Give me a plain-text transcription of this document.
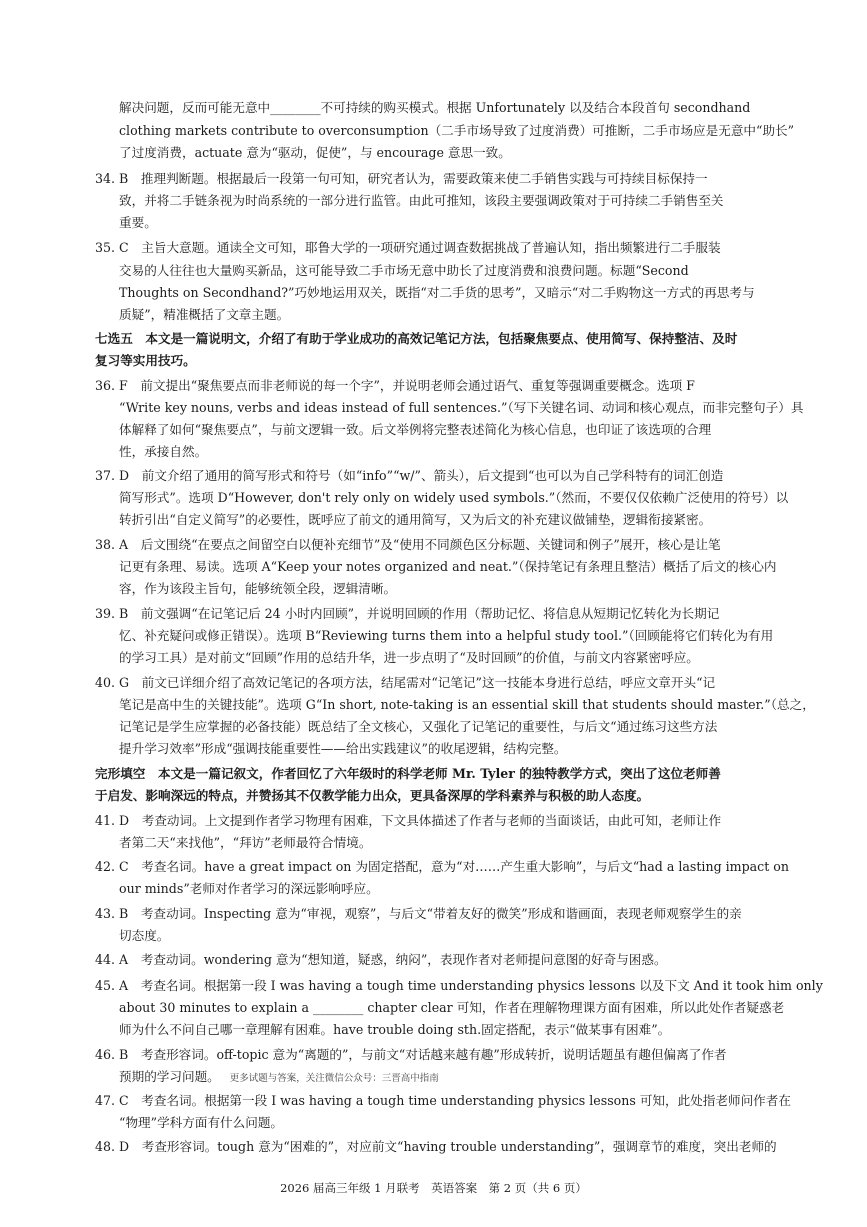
解决问题，反而可能无意中________不可持续的购买模式。根据 Unfortunately 以及结合本段首句 secondhand
clothing markets contribute to overconsumption（二手市场导致了过度消费）可推断，二手市场应是无意中“助长”
了过度消费，actuate 意为“驱动，促使”，与 encourage 意思一致。
34. B　推理判断题。根据最后一段第一句可知，研究者认为，需要政策来使二手销售实践与可持续目标保持一
致，并将二手链条视为时尚系统的一部分进行监管。由此可推知，该段主要强调政策对于可持续二手销售至关
重要。
35. C　主旨大意题。通读全文可知，耶鲁大学的一项研究通过调查数据挑战了普遍认知，指出频繁进行二手服装
交易的人往往也大量购买新品，这可能导致二手市场无意中助长了过度消费和浪费问题。标题“Second
Thoughts on Secondhand?”巧妙地运用双关，既指“对二手货的思考”，又暗示“对二手购物这一方式的再思考与
质疑”，精准概括了文章主题。
七选五　本文是一篇说明文，介绍了有助于学业成功的高效记笔记方法，包括聚焦要点、使用简写、保持整洁、及时
复习等实用技巧。
36. F　前文提出“聚焦要点而非老师说的每一个字”，并说明老师会通过语气、重复等强调重要概念。选项 F
“Write key nouns, verbs and ideas instead of full sentences.”（写下关键名词、动词和核心观点，而非完整句子）具
体解释了如何“聚焦要点”，与前文逻辑一致。后文举例将完整表述简化为核心信息，也印证了该选项的合理
性，承接自然。
37. D　前文介绍了通用的简写形式和符号（如“info”“w/”、箭头），后文提到“也可以为自己学科特有的词汇创造
简写形式”。选项 D“However, don't rely only on widely used symbols.”（然而，不要仅仅依赖广泛使用的符号）以
转折引出“自定义简写”的必要性，既呼应了前文的通用简写，又为后文的补充建议做铺垫，逻辑衔接紧密。
38. A　后文围绕“在要点之间留空白以便补充细节”及“使用不同颜色区分标题、关键词和例子”展开，核心是让笔
记更有条理、易读。选项 A“Keep your notes organized and neat.”（保持笔记有条理且整洁）概括了后文的核心内
容，作为该段主旨句，能够统领全段，逻辑清晰。
39. B　前文强调“在记笔记后 24 小时内回顾”，并说明回顾的作用（帮助记忆、将信息从短期记忆转化为长期记
忆、补充疑问或修正错误）。选项 B“Reviewing turns them into a helpful study tool.”（回顾能将它们转化为有用
的学习工具）是对前文“回顾”作用的总结升华，进一步点明了“及时回顾”的价值，与前文内容紧密呼应。
40. G　前文已详细介绍了高效记笔记的各项方法，结尾需对“记笔记”这一技能本身进行总结，呼应文章开头“记
笔记是高中生的关键技能”。选项 G“In short, note-taking is an essential skill that students should master.”（总之，
记笔记是学生应掌握的必备技能）既总结了全文核心，又强化了记笔记的重要性，与后文“通过练习这些方法
提升学习效率”形成“强调技能重要性——给出实践建议”的收尾逻辑，结构完整。
完形填空　本文是一篇记叙文，作者回忆了六年级时的科学老师 Mr. Tyler 的独特教学方式，突出了这位老师善
于启发、影响深远的特点，并赞扬其不仅教学能力出众，更具备深厚的学科素养与积极的助人态度。
41. D　考查动词。上文提到作者学习物理有困难，下文具体描述了作者与老师的当面谈话，由此可知，老师让作
者第二天“来找他”，“拜访”老师最符合情境。
42. C　考查名词。have a great impact on 为固定搭配，意为“对……产生重大影响”，与后文“had a lasting impact on
our minds”老师对作者学习的深远影响呼应。
43. B　考查动词。Inspecting 意为“审视，观察”，与后文“带着友好的微笑”形成和谐画面，表现老师观察学生的亲
切态度。
44. A　考查动词。wondering 意为“想知道，疑惑，纳闷”，表现作者对老师提问意图的好奇与困惑。
45. A　考查名词。根据第一段 I was having a tough time understanding physics lessons 以及下文 And it took him only
about 30 minutes to explain a ________ chapter clear 可知，作者在理解物理课方面有困难，所以此处作者疑惑老
师为什么不问自己哪一章理解有困难。have trouble doing sth.固定搭配，表示“做某事有困难”。
46. B　考查形容词。off-topic 意为“离题的”，与前文“对话越来越有趣”形成转折，说明话题虽有趣但偏离了作者
预期的学习问题。 更多试题与答案，关注微信公众号：三晋高中指南
47. C　考查名词。根据第一段 I was having a tough time understanding physics lessons 可知，此处指老师问作者在
“物理”学科方面有什么问题。
48. D　考查形容词。tough 意为“困难的”，对应前文“having trouble understanding”，强调章节的难度，突出老师的
2026 届高三年级 1 月联考　英语答案　第 2 页（共 6 页）
